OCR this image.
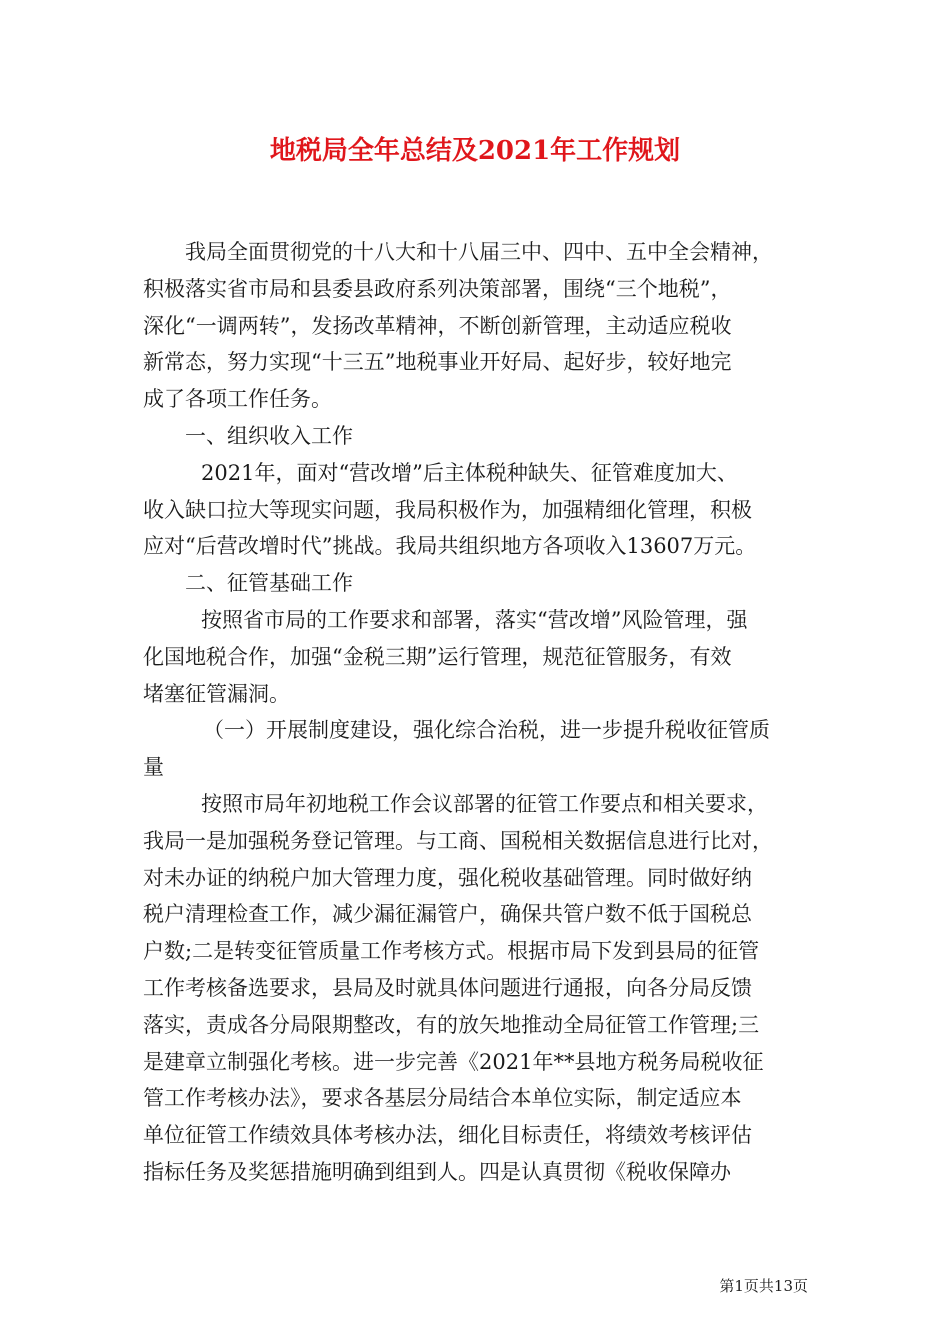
地税局全年总结及2021年工作规划
我局全面贯彻党的十八大和十八届三中、四中、五中全会精神，
积极落实省市局和县委县政府系列决策部署，围绕“三个地税”，
深化“一调两转”，发扬改革精神，不断创新管理，主动适应税收
新常态，努力实现“十三五”地税事业开好局、起好步，较好地完
成了各项工作任务。
一、组织收入工作
2021年，面对“营改增”后主体税种缺失、征管难度加大、
收入缺口拉大等现实问题，我局积极作为，加强精细化管理，积极
应对“后营改增时代”挑战。我局共组织地方各项收入13607万元。
二、征管基础工作
按照省市局的工作要求和部署，落实“营改增”风险管理，强
化国地税合作，加强“金税三期”运行管理，规范征管服务，有效
堵塞征管漏洞。
（一）开展制度建设，强化综合治税，进一步提升税收征管质
量
按照市局年初地税工作会议部署的征管工作要点和相关要求，
我局一是加强税务登记管理。与工商、国税相关数据信息进行比对，
对未办证的纳税户加大管理力度，强化税收基础管理。同时做好纳
税户清理检查工作，减少漏征漏管户，确保共管户数不低于国税总
户数;二是转变征管质量工作考核方式。根据市局下发到县局的征管
工作考核备选要求，县局及时就具体问题进行通报，向各分局反馈
落实，责成各分局限期整改，有的放矢地推动全局征管工作管理;三
是建章立制强化考核。进一步完善《2021年**县地方税务局税收征
管工作考核办法》，要求各基层分局结合本单位实际，制定适应本
单位征管工作绩效具体考核办法，细化目标责任，将绩效考核评估
指标任务及奖惩措施明确到组到人。四是认真贯彻《税收保障办
第1页共13页
